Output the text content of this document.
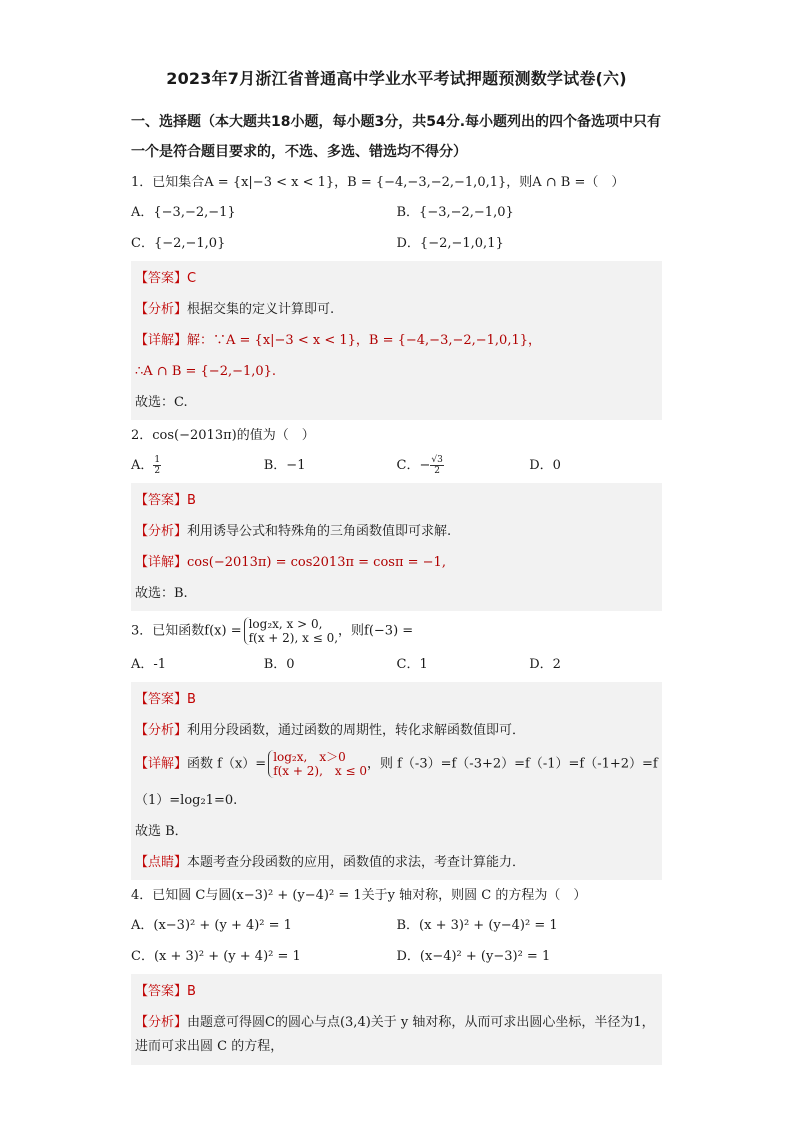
2023年7月浙江省普通高中学业水平考试押题预测数学试卷(六)
一、选择题（本大题共18小题，每小题3分，共54分.每小题列出的四个备选项中只有一个是符合题目要求的，不选、多选、错选均不得分）
1．已知集合A = {x|−3 < x < 1}，B = {−4,−3,−2,−1,0,1}，则A ∩ B =（　）
A．{−3,−2,−1}	B．{−3,−2,−1,0}
C．{−2,−1,0}	D．{−2,−1,0,1}
【答案】C
【分析】根据交集的定义计算即可.
【详解】解：∵A = {x|−3 < x < 1}，B = {−4,−3,−2,−1,0,1}，
∴A ∩ B = {−2,−1,0}.
故选：C.
2．cos(−2013π)的值为（　）
A． $\frac{1}{2}$	B．−1	C．− $\frac{√3}{2}$	D．0
【答案】B
【分析】利用诱导公式和特殊角的三角函数值即可求解.
【详解】cos(−2013π) = cos2013π = cosπ = −1,
故选：B.
3．已知函数f(x) = log₂x, x > 0,
f(x + 2), x ≤ 0, ，则f(−3) =
A．-1	B．0	C．1	D．2
【答案】B
【分析】利用分段函数，通过函数的周期性，转化求解函数值即可．
【详解】函数 f（x）= log₂x,　x＞0
f(x + 2),　x ≤ 0 ，则 f（-3）=f（-3+2）=f（-1）=f（-1+2）=f
（1）=log₂1=0.
故选 B．
【点睛】本题考查分段函数的应用，函数值的求法，考查计算能力．
4．已知圆 C与圆(x−3)² + (y−4)² = 1关于y 轴对称，则圆 C 的方程为（　）
A．(x−3)² + (y + 4)² = 1	B．(x + 3)² + (y−4)² = 1
C．(x + 3)² + (y + 4)² = 1	D．(x−4)² + (y−3)² = 1
【答案】B
【分析】由题意可得圆C的圆心与点(3,4)关于 y 轴对称，从而可求出圆心坐标，半径为1，进而可求出圆 C 的方程，
